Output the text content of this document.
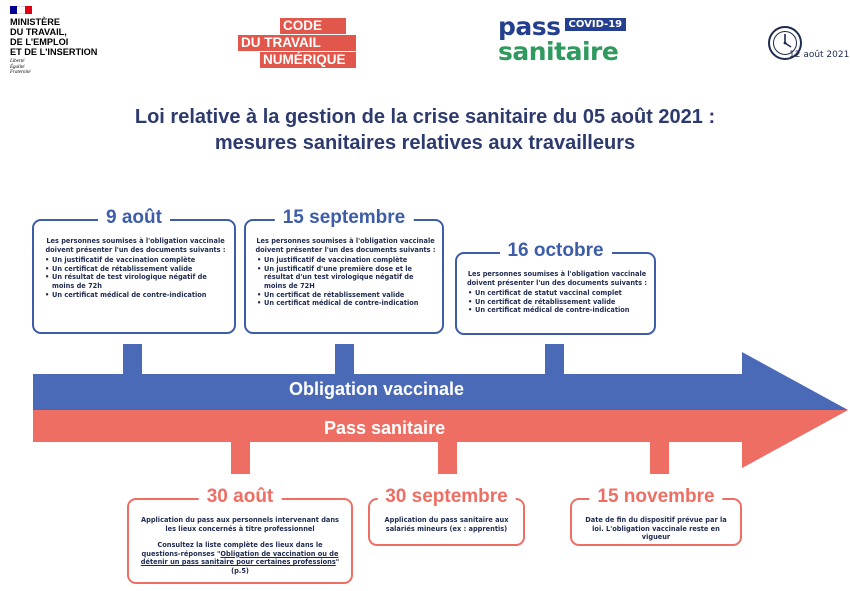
MINISTÈRE
DU TRAVAIL,
DE L'EMPLOI
ET DE L'INSERTION
Liberté
Égalité
Fraternité
CODE
DU TRAVAIL
NUMÉRIQUE
pass COVID-19
sanitaire	12 août 2021
Loi relative à la gestion de la crise sanitaire du 05 août 2021 :
mesures sanitaires relatives aux travailleurs
Obligation vaccinale
Pass sanitaire
9 août
Les personnes soumises à l'obligation vaccinale doivent présenter l'un des documents suivants :
• Un justificatif de vaccination complète
• Un certificat de rétablissement valide
• Un résultat de test virologique négatif de moins de 72h
• Un certificat médical de contre-indication
15 septembre
Les personnes soumises à l'obligation vaccinale doivent présenter l'un des documents suivants :
• Un justificatif de vaccination complète
• Un justificatif d'une première dose et le résultat d'un test virologique négatif de moins de 72H
• Un certificat de rétablissement valide
• Un certificat médical de contre-indication
16 octobre
Les personnes soumises à l'obligation vaccinale doivent présenter l'un des documents suivants :
• Un certificat de statut vaccinal complet
• Un certificat de rétablissement valide
• Un certificat médical de contre-indication
30 août
Application du pass aux personnels intervenant dans les lieux concernés à titre professionnel
Consultez la liste complète des lieux dans le questions-réponses "Obligation de vaccination ou de détenir un pass sanitaire pour certaines professions" (p.5)
30 septembre
Application du pass sanitaire aux salariés mineurs (ex : apprentis)
15 novembre
Date de fin du dispositif prévue par la loi. L'obligation vaccinale reste en vigueur
